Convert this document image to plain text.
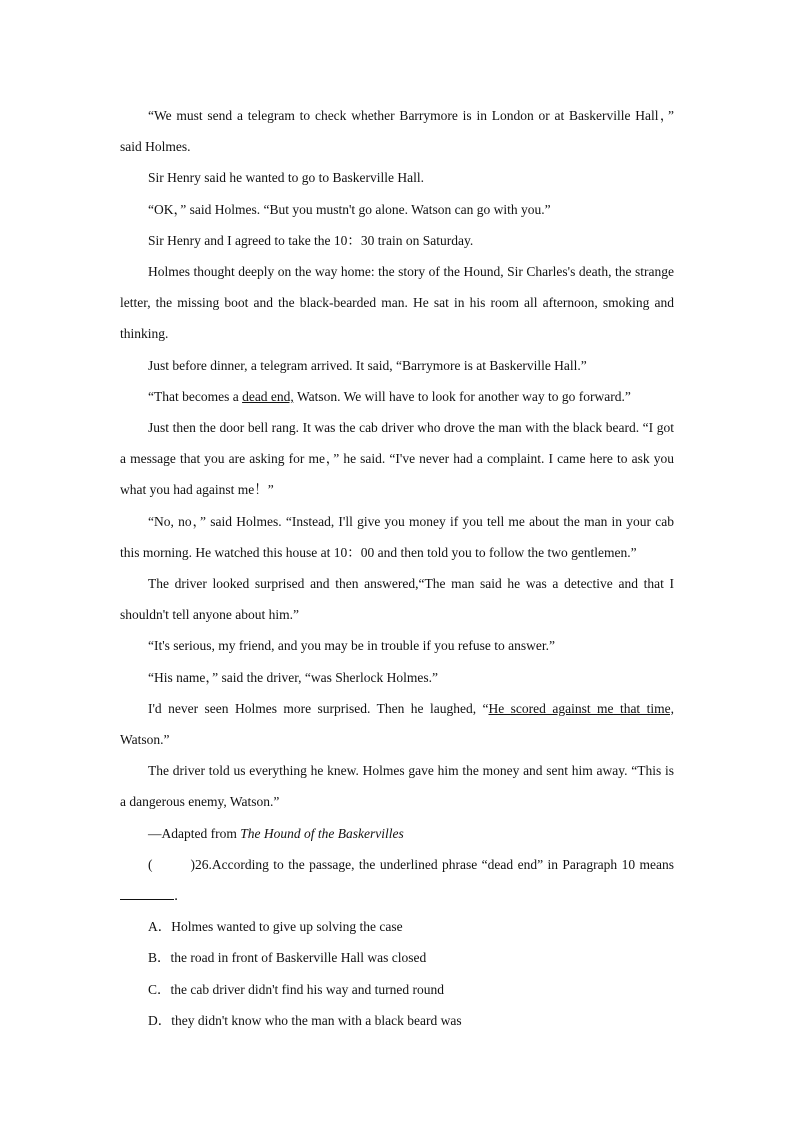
“We must send a telegram to check whether Barrymore is in London or at Baskerville Hall，” said Holmes.

Sir Henry said he wanted to go to Baskerville Hall.

“OK，” said Holmes. “But you mustn't go alone. Watson can go with you.”

Sir Henry and I agreed to take the 10：30 train on Saturday.

Holmes thought deeply on the way home: the story of the Hound, Sir Charles's death, the strange letter, the missing boot and the black-bearded man. He sat in his room all afternoon, smoking and thinking.

Just before dinner, a telegram arrived. It said, “Barrymore is at Baskerville Hall.”

“That becomes a dead end, Watson. We will have to look for another way to go forward.”

Just then the door bell rang. It was the cab driver who drove the man with the black beard. “I got a message that you are asking for me，” he said. “I've never had a complaint. I came here to ask you what you had against me！”

“No, no，” said Holmes. “Instead, I'll give you money if you tell me about the man in your cab this morning. He watched this house at 10：00 and then told you to follow the two gentlemen.”

The driver looked surprised and then answered,“The man said he was a detective and that I shouldn't tell anyone about him.”

“It's serious, my friend, and you may be in trouble if you refuse to answer.”

“His name，” said the driver, “was Sherlock Holmes.”

I'd never seen Holmes more surprised. Then he laughed, “He scored against me that time, Watson.”

The driver told us everything he knew. Holmes gave him the money and sent him away. “This is a dangerous enemy, Watson.”

—Adapted from The Hound of the Baskervilles

(	)26.According to the passage, the underlined phrase “dead end” in Paragraph 10 means．

A．Holmes wanted to give up solving the case

B．the road in front of Baskerville Hall was closed

C．the cab driver didn't find his way and turned round

D．they didn't know who the man with a black beard was
